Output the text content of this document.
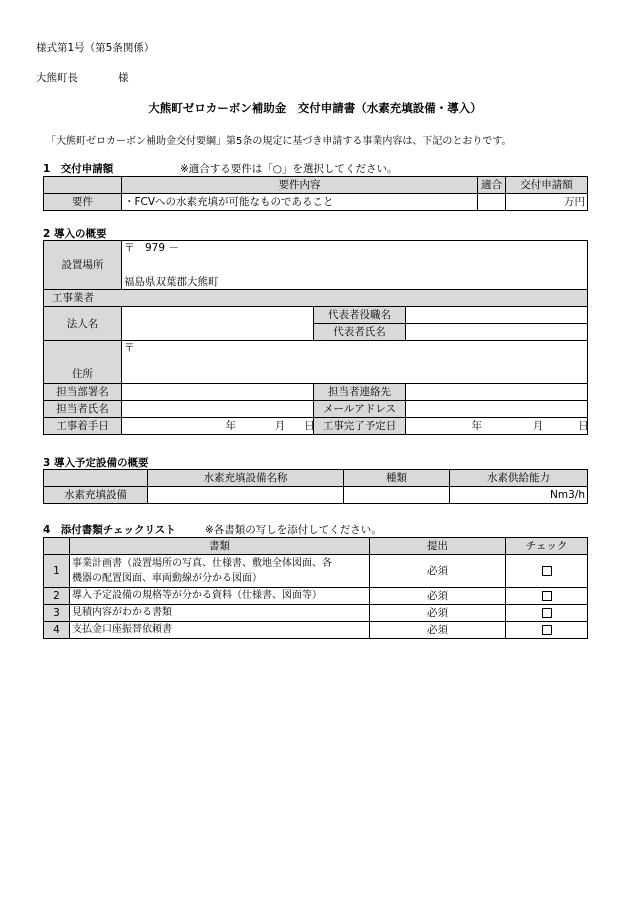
様式第1号（第5条関係）
大熊町長	様
大熊町ゼロカーボン補助金　交付申請書（水素充填設備・導入）
「大熊町ゼロカーボン補助金交付要綱」第5条の規定に基づき申請する事業内容は、下記のとおりです。
1　交付申請額	※適合する要件は「○」を選択してください。
	要件内容	適合	交付申請額
要件	・FCVへの水素充填が可能なものであること		万円
2 導入の概要
設置場所	〒　979 －		
	福島県双葉郡大熊町		
工事業者			
法人名		代表者役職名	
		代表者氏名	
住所	〒		
担当部署名		担当者連絡先	
担当者氏名		メールアドレス	
工事着手日	年 月 日	工事完了予定日	年 月 日
3 導入予定設備の概要
	水素充填設備名称	種類	水素供給能力
水素充填設備			Nm3/h
4　添付書類チェックリスト	※各書類の写しを添付してください。
	書類	提出	チェック
1	事業計画書（設置場所の写真、仕様書、敷地全体図面、各
機器の配置図面、車両動線が分かる図面）	必須	
2	導入予定設備の規格等が分かる資料（仕様書、図面等）	必須	
3	見積内容がわかる書類	必須	
4	支払金口座振替依頼書	必須	
